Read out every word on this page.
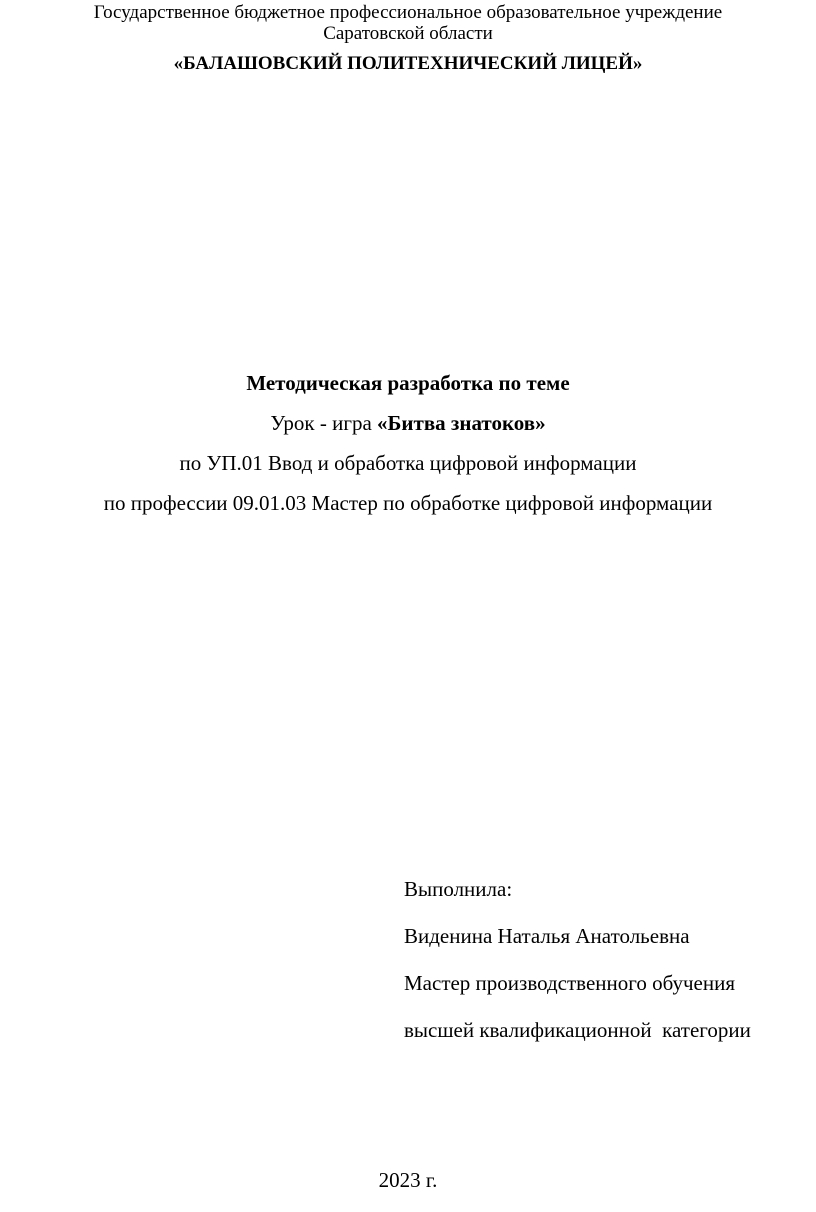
Государственное бюджетное профессиональное образовательное учреждение
Саратовской области
«БАЛАШОВСКИЙ ПОЛИТЕХНИЧЕСКИЙ ЛИЦЕЙ»
Методическая разработка по теме
Урок - игра «Битва знатоков»
по УП.01 Ввод и обработка цифровой информации
по профессии 09.01.03 Мастер по обработке цифровой информации
Выполнила:
Виденина Наталья Анатольевна
Мастер производственного обучения
высшей квалификационной  категории
2023 г.
